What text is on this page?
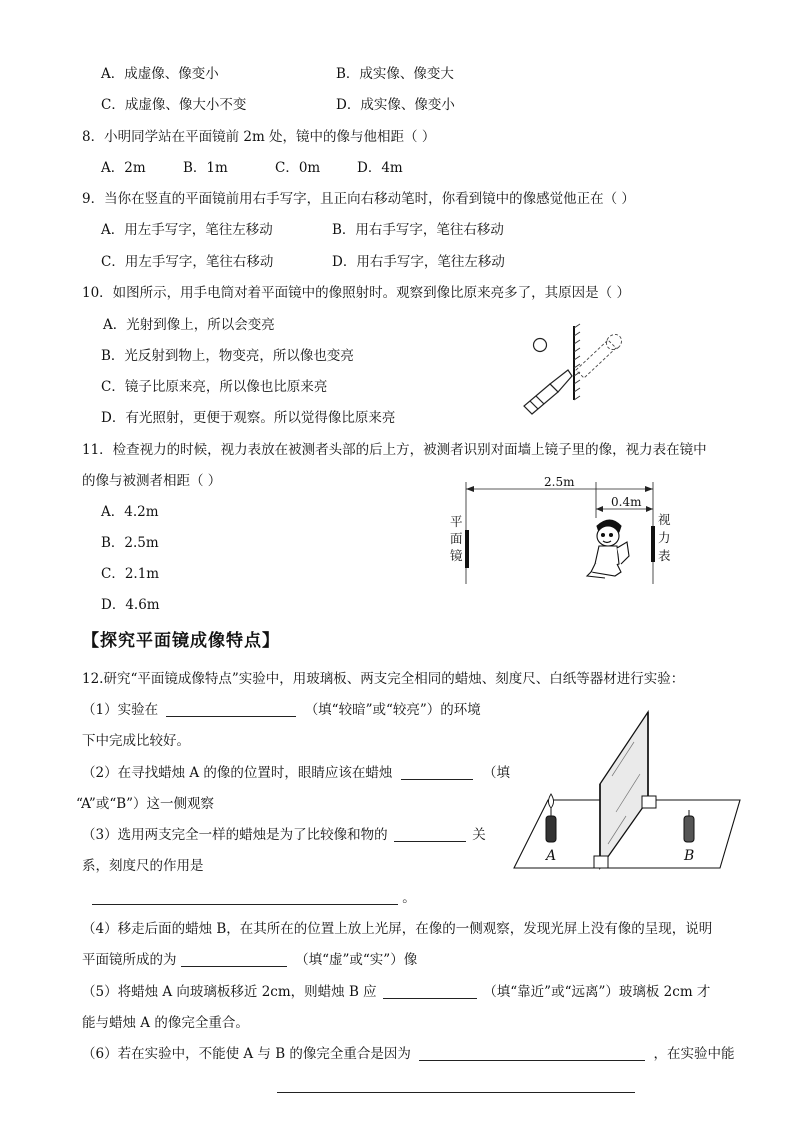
A．成虚像、像变小	B．成实像、像变大
C．成虚像、像大小不变	D．成实像、像变小
8．小明同学站在平面镜前 2m 处，镜中的像与他相距（ ）
A．2m	B．1m	C．0m	D．4m
9．当你在竖直的平面镜前用右手写字，且正向右移动笔时，你看到镜中的像感觉他正在（ ）
A．用左手写字，笔往左移动	B．用右手写字，笔往右移动
C．用左手写字，笔往右移动	D．用右手写字，笔往左移动
10．如图所示，用手电筒对着平面镜中的像照射时。观察到像比原来亮多了，其原因是（ ）
A．光射到像上，所以会变亮
B．光反射到物上，物变亮，所以像也变亮
C．镜子比原来亮，所以像也比原来亮
D．有光照射，更便于观察。所以觉得像比原来亮
11．检查视力的时候，视力表放在被测者头部的后上方，被测者识别对面墙上镜子里的像，视力表在镜中
的像与被测者相距（ ）
A．4.2m
B．2.5m
C．2.1m
D．4.6m
2.5m
0.4m
平
面
镜
视
力
表
【探究平面镜成像特点】
12.研究“平面镜成像特点”实验中，用玻璃板、两支完全相同的蜡烛、刻度尺、白纸等器材进行实验：
（1）实验在	（填“较暗”或“较亮”）的环境
下中完成比较好。
（2）在寻找蜡烛 A 的像的位置时，眼睛应该在蜡烛	（填
“A”或“B”）这一侧观察
（3）选用两支完全一样的蜡烛是为了比较像和物的	关
系，刻度尺的作用是
。
（4）移走后面的蜡烛 B，在其所在的位置上放上光屏，在像的一侧观察，发现光屏上没有像的呈现，说明
平面镜所成的为	（填“虚”或“实”）像
（5）将蜡烛 A 向玻璃板移近 2cm，则蜡烛 B 应	（填“靠近”或“远离”）玻璃板 2cm 才
能与蜡烛 A 的像完全重合。
（6）若在实验中，不能使 A 与 B 的像完全重合是因为	，在实验中能
A	B
